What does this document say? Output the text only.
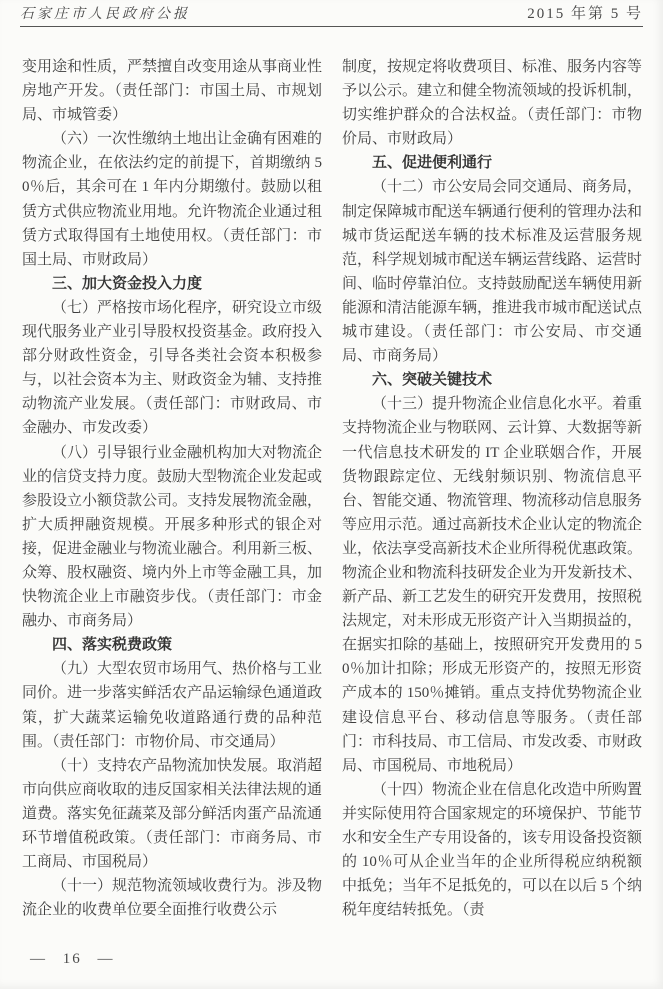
石家庄市人民政府公报	2015 年第 5 号

变用途和性质，严禁擅自改变用途从事商业性房地产开发。（责任部门：市国土局、市规划局、市城管委）

（六）一次性缴纳土地出让金确有困难的物流企业，在依法约定的前提下，首期缴纳 50％后，其余可在 1 年内分期缴付。鼓励以租赁方式供应物流业用地。允许物流企业通过租赁方式取得国有土地使用权。（责任部门：市国土局、市财政局）

三、加大资金投入力度

（七）严格按市场化程序，研究设立市级现代服务业产业引导股权投资基金。政府投入部分财政性资金，引导各类社会资本积极参与，以社会资本为主、财政资金为辅、支持推动物流产业发展。（责任部门：市财政局、市金融办、市发改委）

（八）引导银行业金融机构加大对物流企业的信贷支持力度。鼓励大型物流企业发起或参股设立小额贷款公司。支持发展物流金融，扩大质押融资规模。开展多种形式的银企对接，促进金融业与物流业融合。利用新三板、众筹、股权融资、境内外上市等金融工具，加快物流企业上市融资步伐。（责任部门：市金融办、市商务局）

四、落实税费政策

（九）大型农贸市场用气、热价格与工业同价。进一步落实鲜活农产品运输绿色通道政策，扩大蔬菜运输免收道路通行费的品种范围。（责任部门：市物价局、市交通局）

（十）支持农产品物流加快发展。取消超市向供应商收取的违反国家相关法律法规的通道费。落实免征蔬菜及部分鲜活肉蛋产品流通环节增值税政策。（责任部门：市商务局、市工商局、市国税局）

（十一）规范物流领域收费行为。涉及物流企业的收费单位要全面推行收费公示

制度，按规定将收费项目、标准、服务内容等予以公示。建立和健全物流领域的投诉机制，切实维护群众的合法权益。（责任部门：市物价局、市财政局）

五、促进便利通行

（十二）市公安局会同交通局、商务局，制定保障城市配送车辆通行便利的管理办法和城市货运配送车辆的技术标准及运营服务规范，科学规划城市配送车辆运营线路、运营时间、临时停靠泊位。支持鼓励配送车辆使用新能源和清洁能源车辆，推进我市城市配送试点城市建设。（责任部门：市公安局、市交通局、市商务局）

六、突破关键技术

（十三）提升物流企业信息化水平。着重支持物流企业与物联网、云计算、大数据等新一代信息技术研发的 IT 企业联姻合作，开展货物跟踪定位、无线射频识别、物流信息平台、智能交通、物流管理、物流移动信息服务等应用示范。通过高新技术企业认定的物流企业，依法享受高新技术企业所得税优惠政策。物流企业和物流科技研发企业为开发新技术、新产品、新工艺发生的研究开发费用，按照税法规定，对未形成无形资产计入当期损益的，在据实扣除的基础上，按照研究开发费用的 50％加计扣除；形成无形资产的，按照无形资产成本的 150％摊销。重点支持优势物流企业建设信息平台、移动信息等服务。（责任部门：市科技局、市工信局、市发改委、市财政局、市国税局、市地税局）

（十四）物流企业在信息化改造中所购置并实际使用符合国家规定的环境保护、节能节水和安全生产专用设备的，该专用设备投资额的 10％可从企业当年的企业所得税应纳税额中抵免；当年不足抵免的，可以在以后 5 个纳税年度结转抵免。（责

— 16 —
